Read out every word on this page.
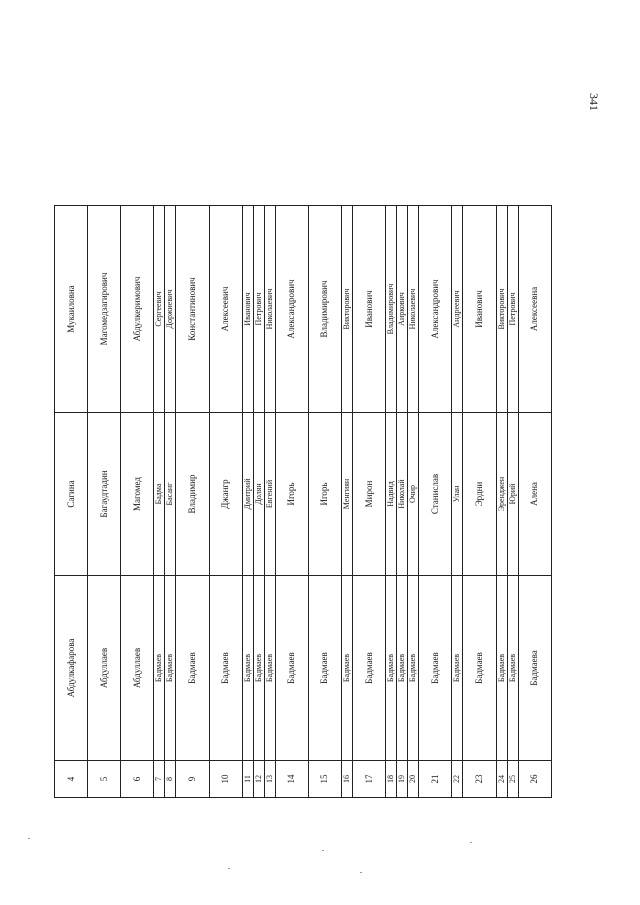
341
4	Абдулкафарова	Сагина	Мукаиловна
5	Абдуллаев	Багаудтадин	Магомедзагирович
6	Абдуллаев	Магомед	Абдулкеримович
7	Бадмаев	Бадма	Сергеевич
8	Бадмаев	Басанг	Доржиевич
9	Бадмаев	Владимир	Константинович
10	Бадмаев	Джангр	Алексеевич
11	Бадмаев	Дмитрий	Иванович
12	Бадмаев	Долян	Петрович
13	Бадмаев	Евгений	Николаевич
14	Бадмаев	Игорь	Александрович
15	Бадмаев	Игорь	Владимирович
16	Бадмаев	Менгиян	Викторович
17	Бадмаев	Мирон	Иванович
18	Бадмаев	Надвид	Владимирович
19	Бадмаев	Николай	Аиркович
20	Бадмаев	Очир	Николаевич
21	Бадмаев	Станислав	Александрович
22	Бадмаев	Улан	Андреевич
23	Бадмаев	Эрдни	Иванович
24	Бадмаев	Эренджен	Викторович
25	Бадмаев	Юрий	Петрович
26	Бадмаева	Алена	Алексеевна
